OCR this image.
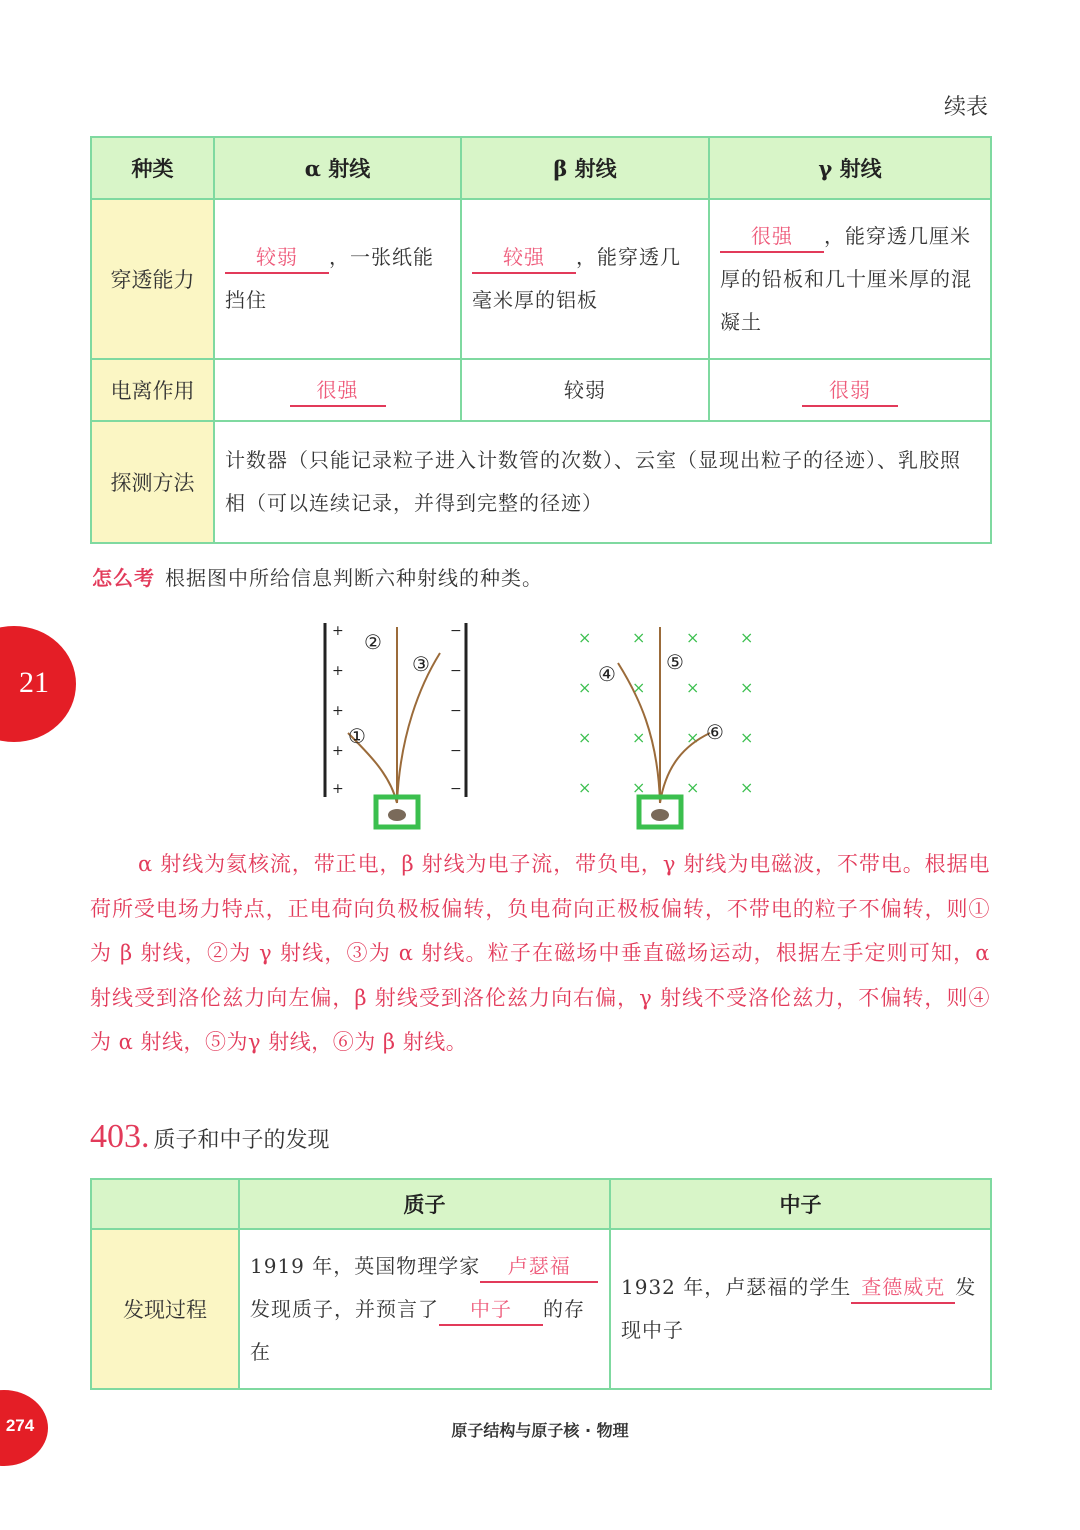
续表
种类	α 射线	β 射线	γ 射线
穿透能力	较弱 ，一张纸能挡住	较强 ，能穿透几毫米厚的铝板	很强 ，能穿透几厘米厚的铅板和几十厘米厚的混凝土
电离作用	很强	较弱	很弱
探测方法	计数器（只能记录粒子进入计数管的次数）、云室（显现出粒子的径迹）、乳胶照相（可以连续记录，并得到完整的径迹）		
怎么考 根据图中所给信息判断六种射线的种类。
21
+
+
+
+
+
−
−
−
−
−
②
③
①
×	×	×	×
×	×	×	×
×	×	×	×
×	×	×	×
④	⑤
⑥
α 射线为氦核流，带正电，β 射线为电子流，带负电，γ 射线为电磁波，不带电。根据电荷所受电场力特点，正电荷向负极板偏转，负电荷向正极板偏转，不带电的粒子不偏转，则①为 β 射线，②为 γ 射线，③为 α 射线。粒子在磁场中垂直磁场运动，根据左手定则可知，α 射线受到洛伦兹力向左偏，β 射线受到洛伦兹力向右偏，γ 射线不受洛伦兹力，不偏转，则④为 α 射线，⑤为γ 射线，⑥为 β 射线。
403. 质子和中子的发现
	质子	中子
发现过程	1919 年，英国物理学家 卢瑟福发现质子，并预言了 中子 的存在	1932 年，卢瑟福的学生 查德威克 发现中子
274	原子结构与原子核 · 物理
